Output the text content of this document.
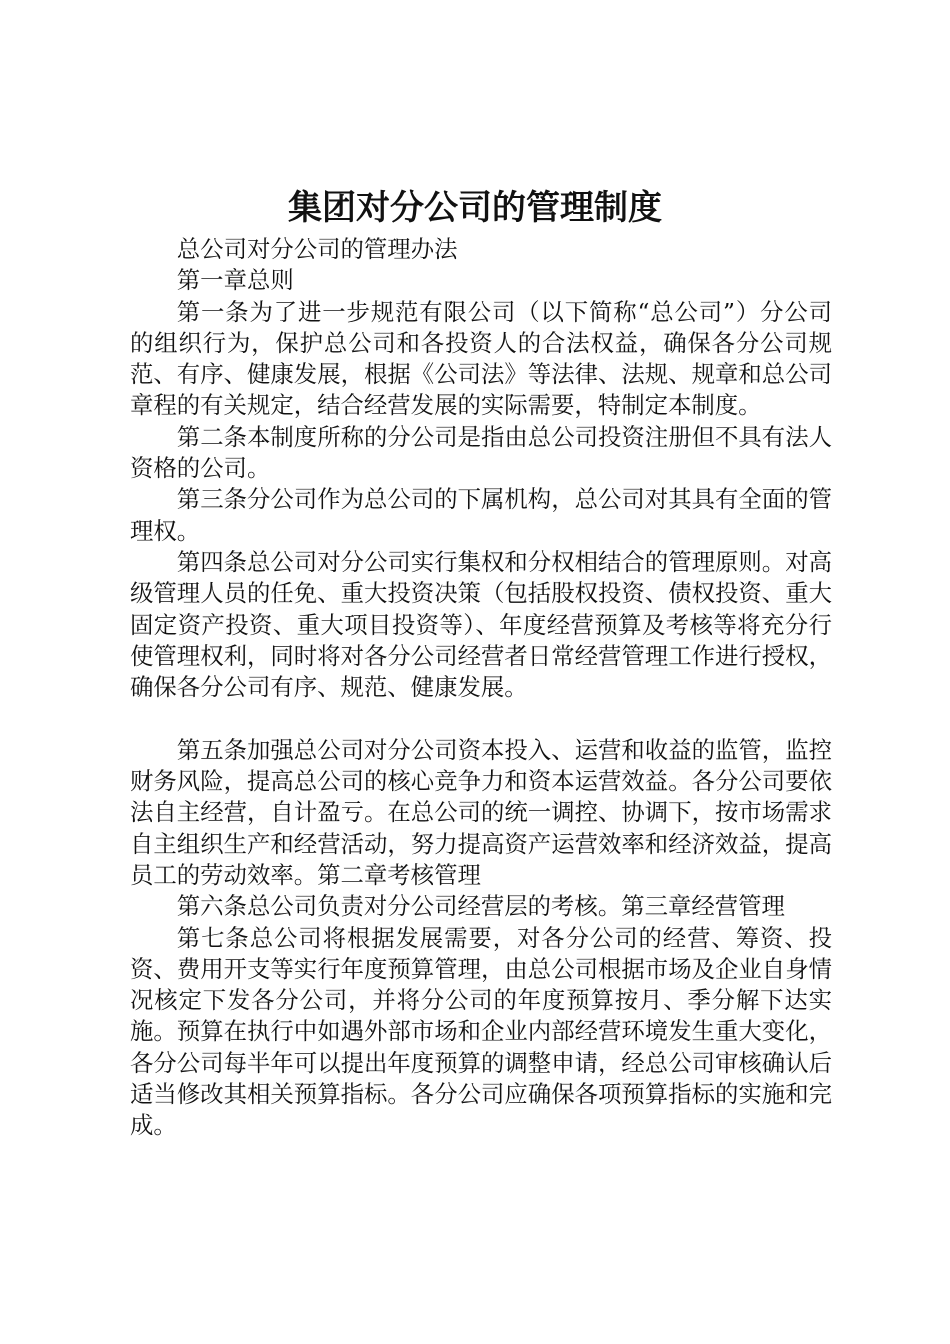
集团对分公司的管理制度

总公司对分公司的管理办法

第一章总则

第一条为了进一步规范有限公司（以下简称“总公司”）分公司的组织行为，保护总公司和各投资人的合法权益，确保各分公司规范、有序、健康发展，根据《公司法》等法律、法规、规章和总公司章程的有关规定，结合经营发展的实际需要，特制定本制度。

第二条本制度所称的分公司是指由总公司投资注册但不具有法人资格的公司。

第三条分公司作为总公司的下属机构，总公司对其具有全面的管理权。

第四条总公司对分公司实行集权和分权相结合的管理原则。对高级管理人员的任免、重大投资决策（包括股权投资、债权投资、重大固定资产投资、重大项目投资等）、年度经营预算及考核等将充分行使管理权利，同时将对各分公司经营者日常经营管理工作进行授权，确保各分公司有序、规范、健康发展。

第五条加强总公司对分公司资本投入、运营和收益的监管，监控财务风险，提高总公司的核心竞争力和资本运营效益。各分公司要依法自主经营，自计盈亏。在总公司的统一调控、协调下，按市场需求自主组织生产和经营活动，努力提高资产运营效率和经济效益，提高员工的劳动效率。第二章考核管理

第六条总公司负责对分公司经营层的考核。第三章经营管理

第七条总公司将根据发展需要，对各分公司的经营、筹资、投资、费用开支等实行年度预算管理，由总公司根据市场及企业自身情况核定下发各分公司，并将分公司的年度预算按月、季分解下达实施。预算在执行中如遇外部市场和企业内部经营环境发生重大变化，各分公司每半年可以提出年度预算的调整申请，经总公司审核确认后适当修改其相关预算指标。各分公司应确保各项预算指标的实施和完成。
